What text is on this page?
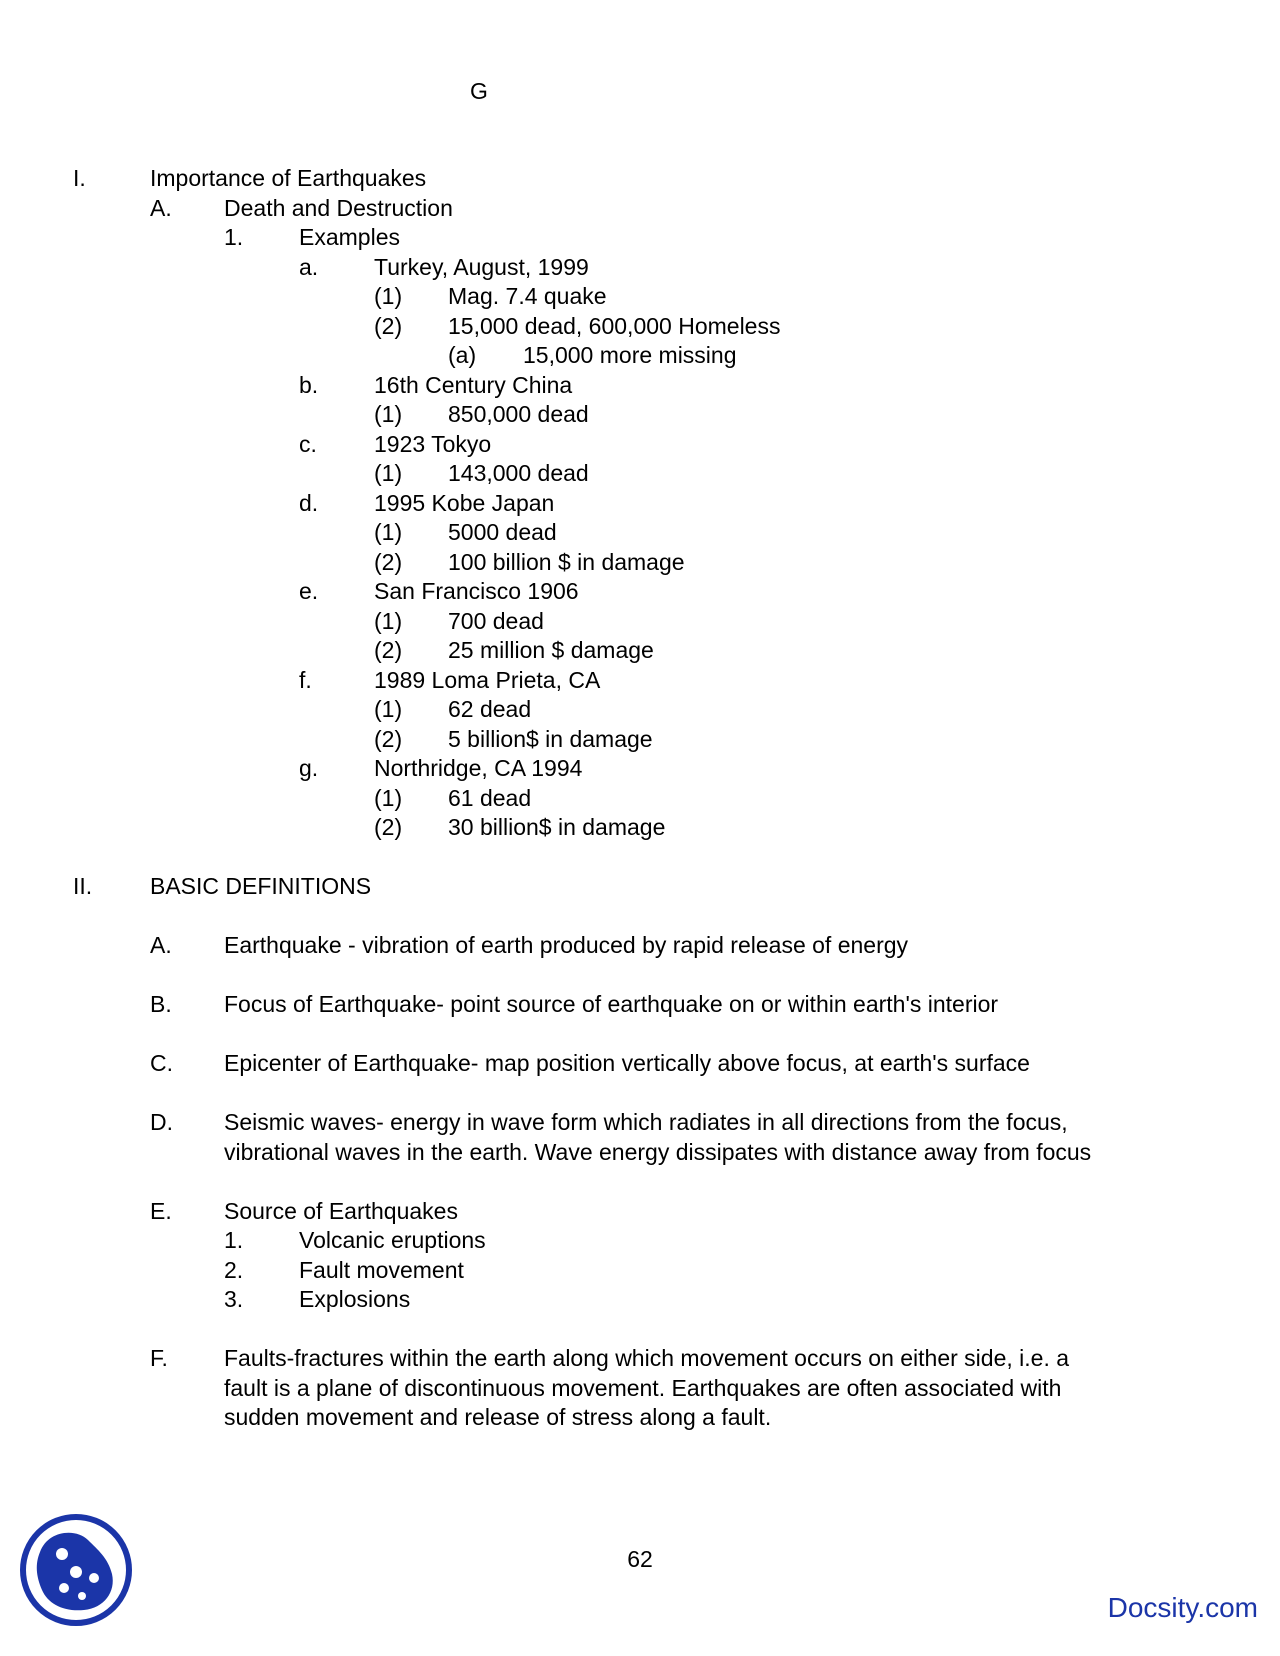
G
I.	Importance of Earthquakes
A. Death and Destruction
1. Examples
a. Turkey, August, 1999
(1) Mag. 7.4 quake
(2) 15,000 dead, 600,000 Homeless
(a) 15,000 more missing
b. 16th Century China
(1) 850,000 dead
c. 1923 Tokyo
(1) 143,000 dead
d. 1995 Kobe Japan
(1) 5000 dead
(2) 100 billion $ in damage
e. San Francisco 1906
(1) 700 dead
(2) 25 million $ damage
f.	1989 Loma Prieta, CA
(1) 62 dead
(2) 5 billion$ in damage
g. Northridge, CA 1994
(1) 61 dead
(2) 30 billion$ in damage
II.	BASIC DEFINITIONS
A. Earthquake - vibration of earth produced by rapid release of energy
B. Focus of Earthquake- point source of earthquake on or within earth's interior
C. Epicenter of Earthquake- map position vertically above focus, at earth's surface
D. Seismic waves- energy in wave form which radiates in all directions from the focus,
vibrational waves in the earth. Wave energy dissipates with distance away from focus
E. Source of Earthquakes
1. Volcanic eruptions
2. Fault movement
3. Explosions
F. Faults-fractures within the earth along which movement occurs on either side, i.e. a
fault is a plane of discontinuous movement. Earthquakes are often associated with
sudden movement and release of stress along a fault.
62
Docsity.com
